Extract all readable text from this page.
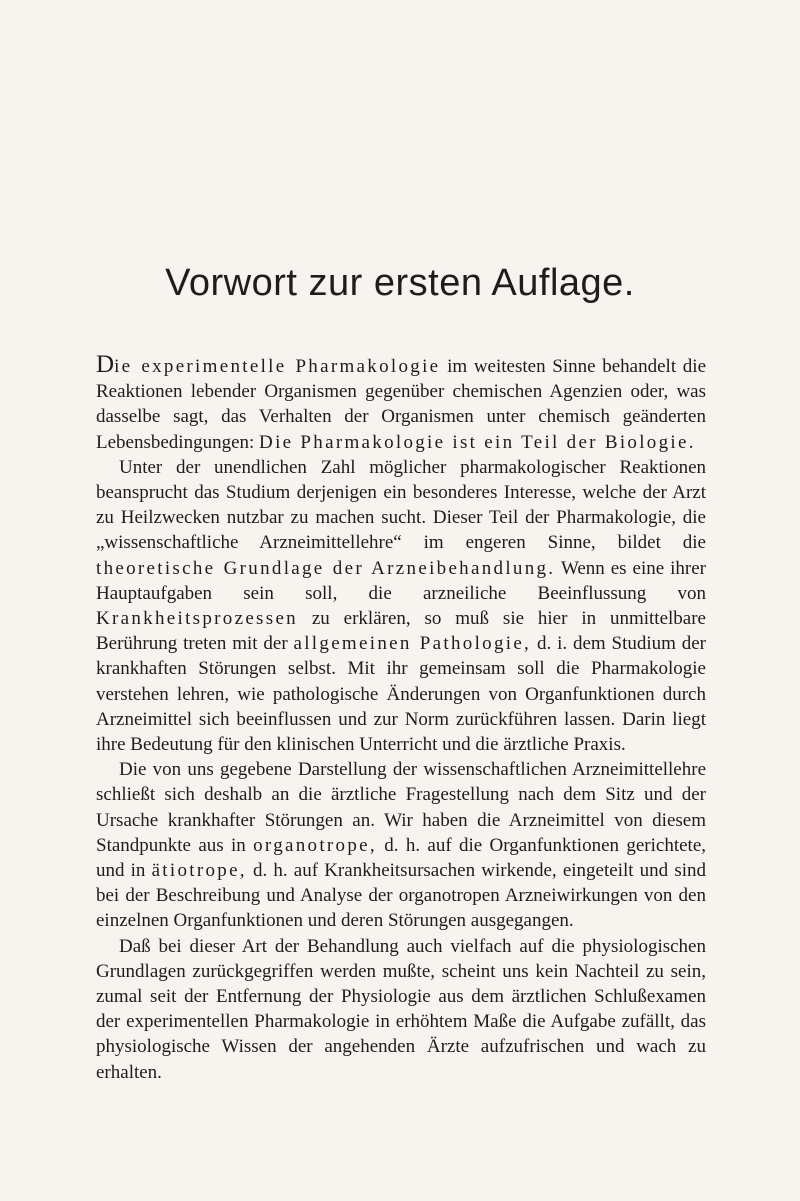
Vorwort zur ersten Auflage.

Die experimentelle Pharmakologie im weitesten Sinne behandelt die Reaktionen lebender Organismen gegenüber chemischen Agenzien oder, was dasselbe sagt, das Verhalten der Organismen unter chemisch geänderten Lebensbedingungen: Die Pharmakologie ist ein Teil der Biologie.

Unter der unendlichen Zahl möglicher pharmakologischer Reaktionen beansprucht das Studium derjenigen ein besonderes Interesse, welche der Arzt zu Heilzwecken nutzbar zu machen sucht. Dieser Teil der Pharmakologie, die „wissenschaftliche Arzneimittellehre“ im engeren Sinne, bildet die theoretische Grundlage der Arzneibehandlung. Wenn es eine ihrer Hauptaufgaben sein soll, die arzneiliche Beeinflussung von Krankheitsprozessen zu erklären, so muß sie hier in unmittelbare Berührung treten mit der allgemeinen Pathologie, d. i. dem Studium der krankhaften Störungen selbst. Mit ihr gemeinsam soll die Pharmakologie verstehen lehren, wie pathologische Änderungen von Organfunktionen durch Arzneimittel sich beeinflussen und zur Norm zurückführen lassen. Darin liegt ihre Bedeutung für den klinischen Unterricht und die ärztliche Praxis.

Die von uns gegebene Darstellung der wissenschaftlichen Arzneimittellehre schließt sich deshalb an die ärztliche Fragestellung nach dem Sitz und der Ursache krankhafter Störungen an. Wir haben die Arzneimittel von diesem Standpunkte aus in organotrope, d. h. auf die Organfunktionen gerichtete, und in ätiotrope, d. h. auf Krankheitsursachen wirkende, eingeteilt und sind bei der Beschreibung und Analyse der organotropen Arzneiwirkungen von den einzelnen Organfunktionen und deren Störungen ausgegangen.

Daß bei dieser Art der Behandlung auch vielfach auf die physiologischen Grundlagen zurückgegriffen werden mußte, scheint uns kein Nachteil zu sein, zumal seit der Entfernung der Physiologie aus dem ärztlichen Schlußexamen der experimentellen Pharmakologie in erhöhtem Maße die Aufgabe zufällt, das physiologische Wissen der angehenden Ärzte aufzufrischen und wach zu erhalten.
